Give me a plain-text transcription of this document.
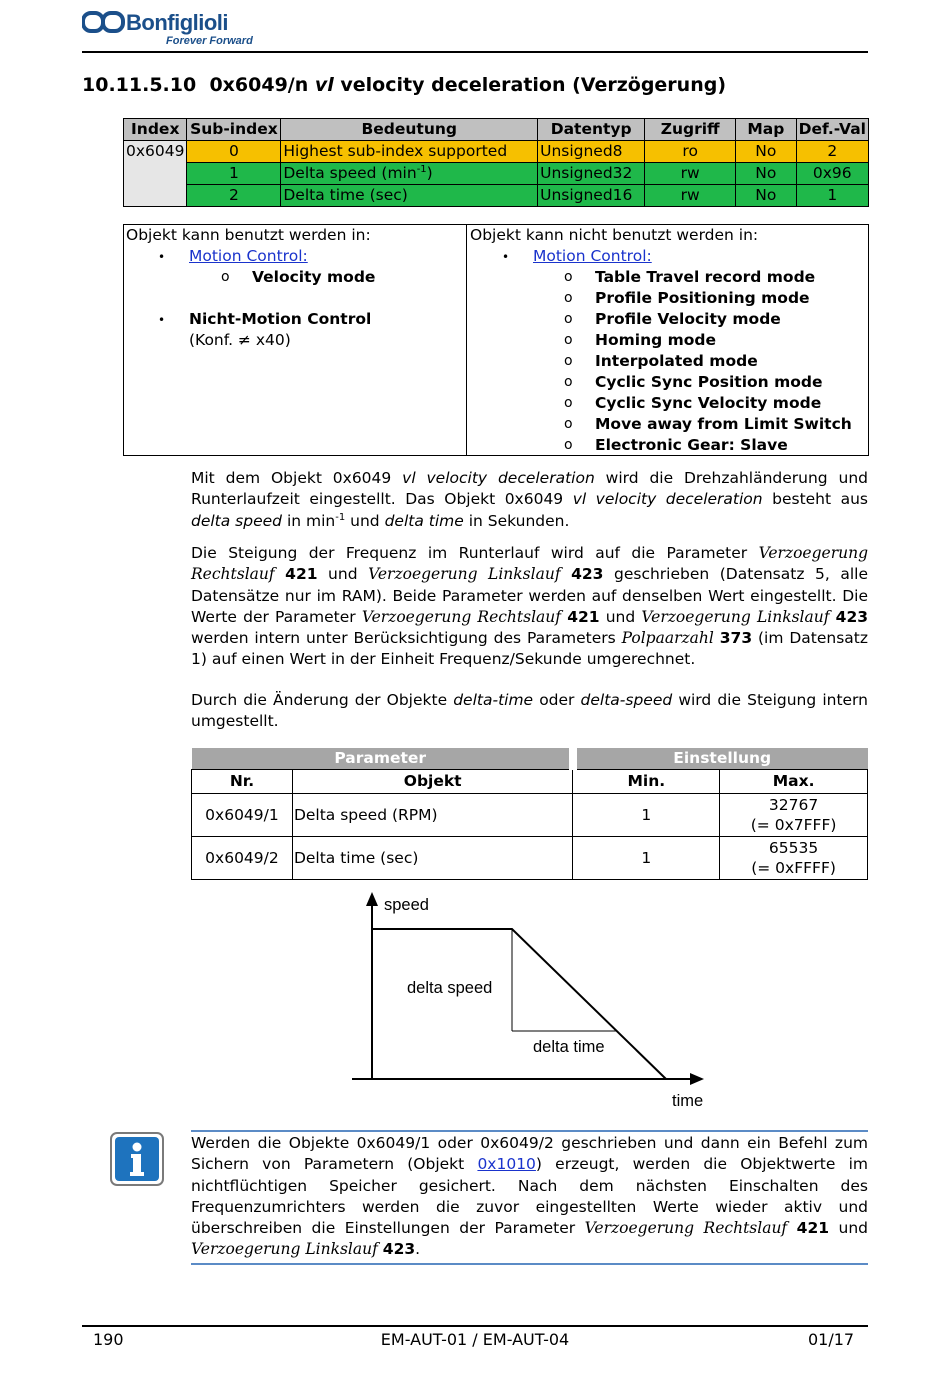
Bonfiglioli
Forever Forward
10.11.5.10 0x6049/n vl velocity deceleration (Verzögerung)
Index	Sub-index	Bedeutung	Datentyp	Zugriff	Map	Def.-Val
0x6049	0	Highest sub-index supported	Unsigned8	ro	No	2
	1	Delta speed $(\min^{-1})$	Unsigned32	rw	No	0x96
	2	Delta time (sec)	Unsigned16	rw	No	1
Objekt kann benutzt werden in:
• Motion Control:
o Velocity mode
• Nicht-Motion Control
(Konf. ≠ x40)
Objekt kann nicht benutzt werden in:
• Motion Control:
o Table Travel record mode
o Profile Positioning mode
o Profile Velocity mode
o Homing mode
o Interpolated mode
o Cyclic Sync Position mode
o Cyclic Sync Velocity mode
o Move away from Limit Switch
o Electronic Gear: Slave
Mit dem Objekt 0x6049 vl velocity deceleration wird die Drehzahländerung und Runterlaufzeit eingestellt. Das Objekt 0x6049 vl velocity deceleration besteht aus delta speed in $\min^{-1}$ und delta time in Sekunden.
Die Steigung der Frequenz im Runterlauf wird auf die Parameter Verzoegerung Rechtslauf 421 und Verzoegerung Linkslauf 423 geschrieben (Datensatz 5, alle Datensätze nur im RAM). Beide Parameter werden auf denselben Wert eingestellt. Die Werte der Parameter Verzoegerung Rechtslauf 421 und Verzoegerung Linkslauf 423 werden intern unter Berücksichtigung des Parameters Polpaarzahl 373 (im Datensatz 1) auf einen Wert in der Einheit Frequenz/Sekunde umgerechnet.
Durch die Änderung der Objekte delta-time oder delta-speed wird die Steigung intern umgestellt.
Parameter		Einstellung	
Nr.	Objekt	Min.	Max.
0x6049/1	Delta speed (RPM)	1	32767
(= 0x7FFF)

0x6049/2	Delta time (sec)	1	65535
(= 0xFFFF)
speed
time
delta speed
delta time
Werden die Objekte 0x6049/1 oder 0x6049/2 geschrieben und dann ein Befehl zum Sichern von Parametern (Objekt 0x1010) erzeugt, werden die Objektwerte im nichtflüchtigen Speicher gesichert. Nach dem nächsten Einschalten des Frequenzumrichters werden die zuvor eingestellten Werte wieder aktiv und überschreiben die Einstellungen der Parameter Verzoegerung Rechtslauf 421 und Verzoegerung Linkslauf 423.
190	EM-AUT-01 / EM-AUT-04	01/17
